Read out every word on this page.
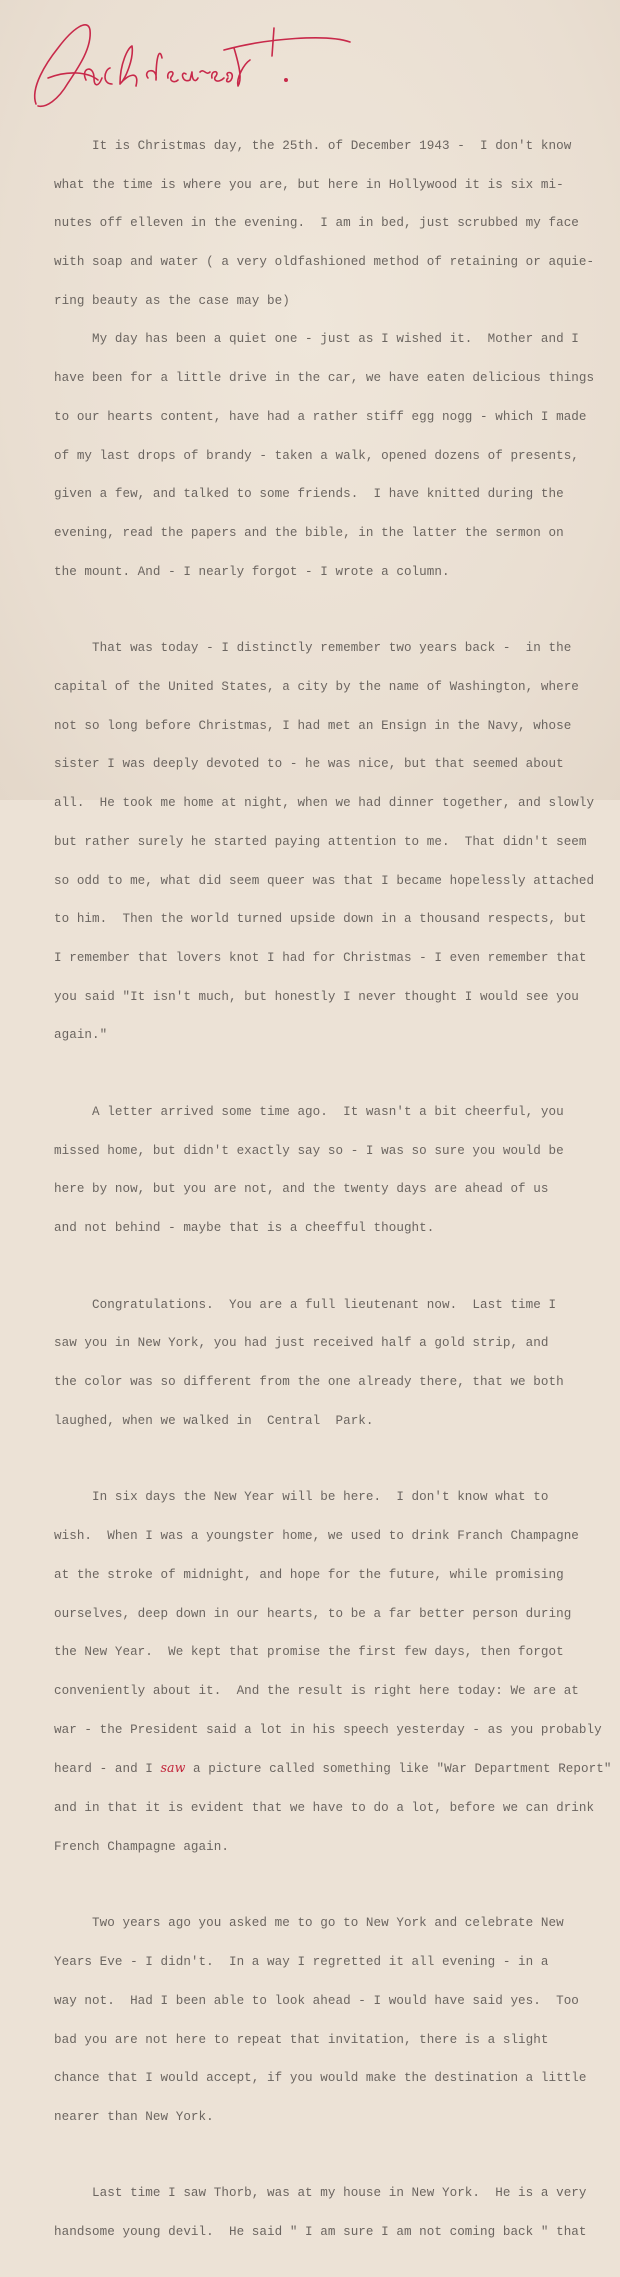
It is Christmas day, the 25th. of December 1943 -  I don't know

what the time is where you are, but here in Hollywood it is six mi-

nutes off elleven in the evening.  I am in bed, just scrubbed my face

with soap and water ( a very oldfashioned method of retaining or aquie-

ring beauty as the case may be)

My day has been a quiet one - just as I wished it.  Mother and I

have been for a little drive in the car, we have eaten delicious things

to our hearts content, have had a rather stiff egg nogg - which I made

of my last drops of brandy - taken a walk, opened dozens of presents,

given a few, and talked to some friends.  I have knitted during the

evening, read the papers and the bible, in the latter the sermon on

the mount. And - I nearly forgot - I wrote a column.

That was today - I distinctly remember two years back -  in the

capital of the United States, a city by the name of Washington, where

not so long before Christmas, I had met an Ensign in the Navy, whose

sister I was deeply devoted to - he was nice, but that seemed about

all.  He took me home at night, when we had dinner together, and slowly

but rather surely he started paying attention to me.  That didn't seem

so odd to me, what did seem queer was that I became hopelessly attached

to him.  Then the world turned upside down in a thousand respects, but

I remember that lovers knot I had for Christmas - I even remember that

you said "It isn't much, but honestly I never thought I would see you

again."

A letter arrived some time ago.  It wasn't a bit cheerful, you

missed home, but didn't exactly say so - I was so sure you would be

here by now, but you are not, and the twenty days are ahead of us

and not behind - maybe that is a cheefful thought.

Congratulations.  You are a full lieutenant now.  Last time I

saw you in New York, you had just received half a gold strip, and

the color was so different from the one already there, that we both

laughed, when we walked in  Central  Park.

In six days the New Year will be here.  I don't know what to

wish.  When I was a youngster home, we used to drink Franch Champagne

at the stroke of midnight, and hope for the future, while promising

ourselves, deep down in our hearts, to be a far better person during

the New Year.  We kept that promise the first few days, then forgot

conveniently about it.  And the result is right here today: We are at

war - the President said a lot in his speech yesterday - as you probably

heard - and I saw a picture called something like "War Department Report"

and in that it is evident that we have to do a lot, before we can drink

French Champagne again.

Two years ago you asked me to go to New York and celebrate New

Years Eve - I didn't.  In a way I regretted it all evening - in a

way not.  Had I been able to look ahead - I would have said yes.  Too

bad you are not here to repeat that invitation, there is a slight

chance that I would accept, if you would make the destination a little

nearer than New York.

Last time I saw Thorb, was at my house in New York.  He is a very

handsome young devil.  He said " I am sure I am not coming back " that
